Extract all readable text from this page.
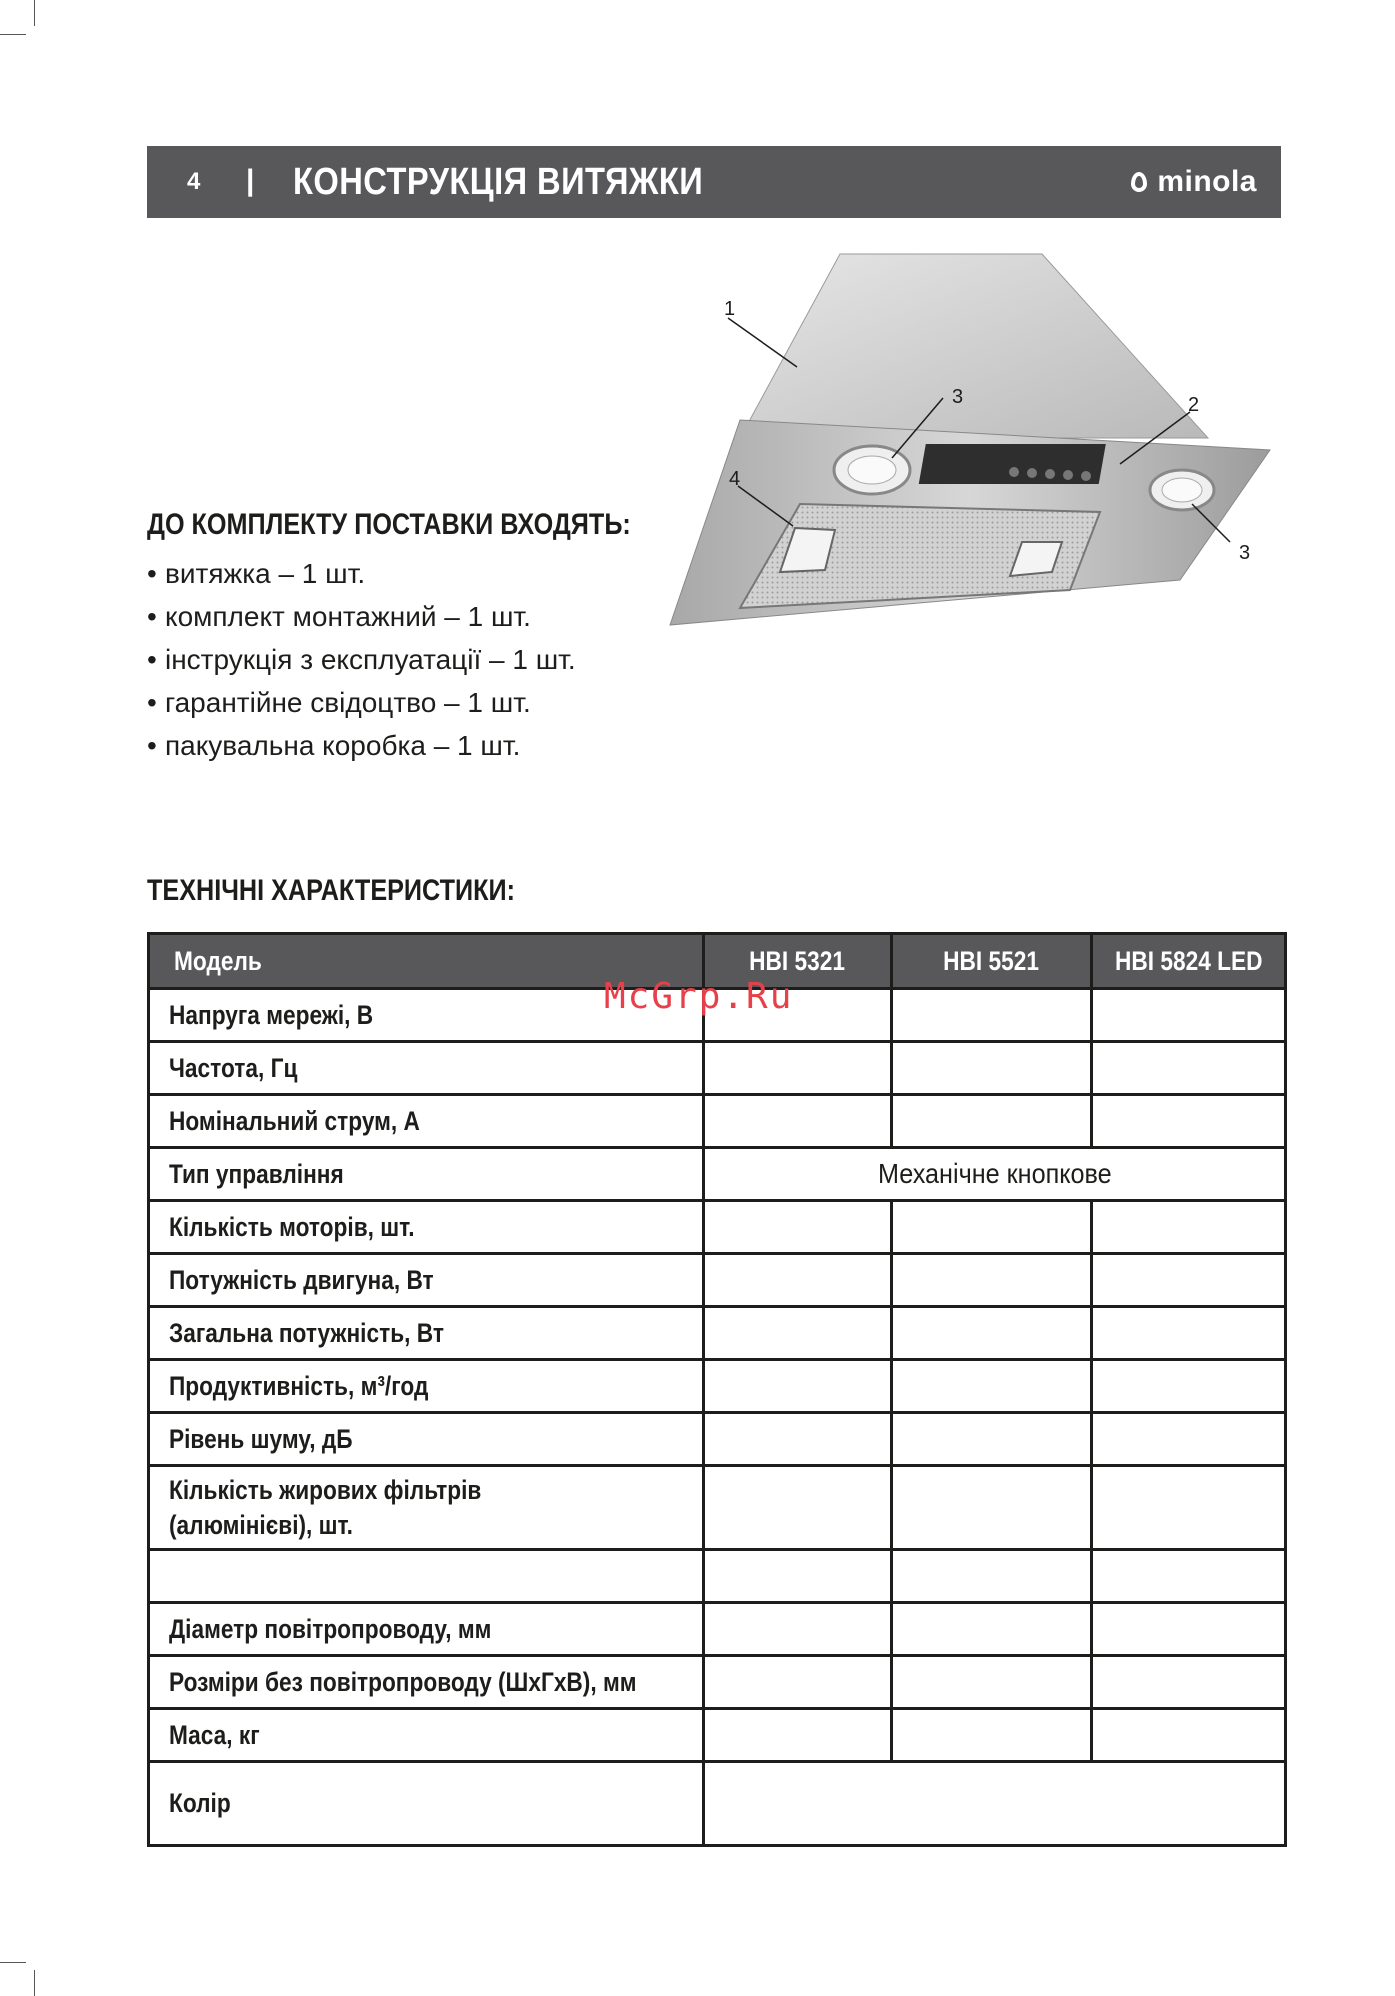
4 | КОНСТРУКЦІЯ ВИТЯЖКИ	minola
1
2
3
4
3
ДО КОМПЛЕКТУ ПОСТАВКИ ВХОДЯТЬ:
• витяжка – 1 шт.
• комплект монтажний – 1 шт.
• інструкція з експлуатації – 1 шт.
• гарантійне свідоцтво – 1 шт.
• пакувальна коробка – 1 шт.
ТЕХНІЧНІ ХАРАКТЕРИСТИКИ:
Модель	HBI 5321	HBI 5521	HBI 5824 LED
Напруга мережі, В			
Частота, Гц			
Номінальний струм, А			
Тип управління	Механічне кнопкове		
Кількість моторів, шт.			
Потужність двигуна, Вт			
Загальна потужність, Вт			
Продуктивність, м³/год			
Рівень шуму, дБ			
Кількість жирових фільтрів
(алюмінієві), шт.			

Діаметр повітропроводу, мм			
Розміри без повітропроводу (ШхГхВ), мм			
Маса, кг			
Колір			
McGrp.Ru
